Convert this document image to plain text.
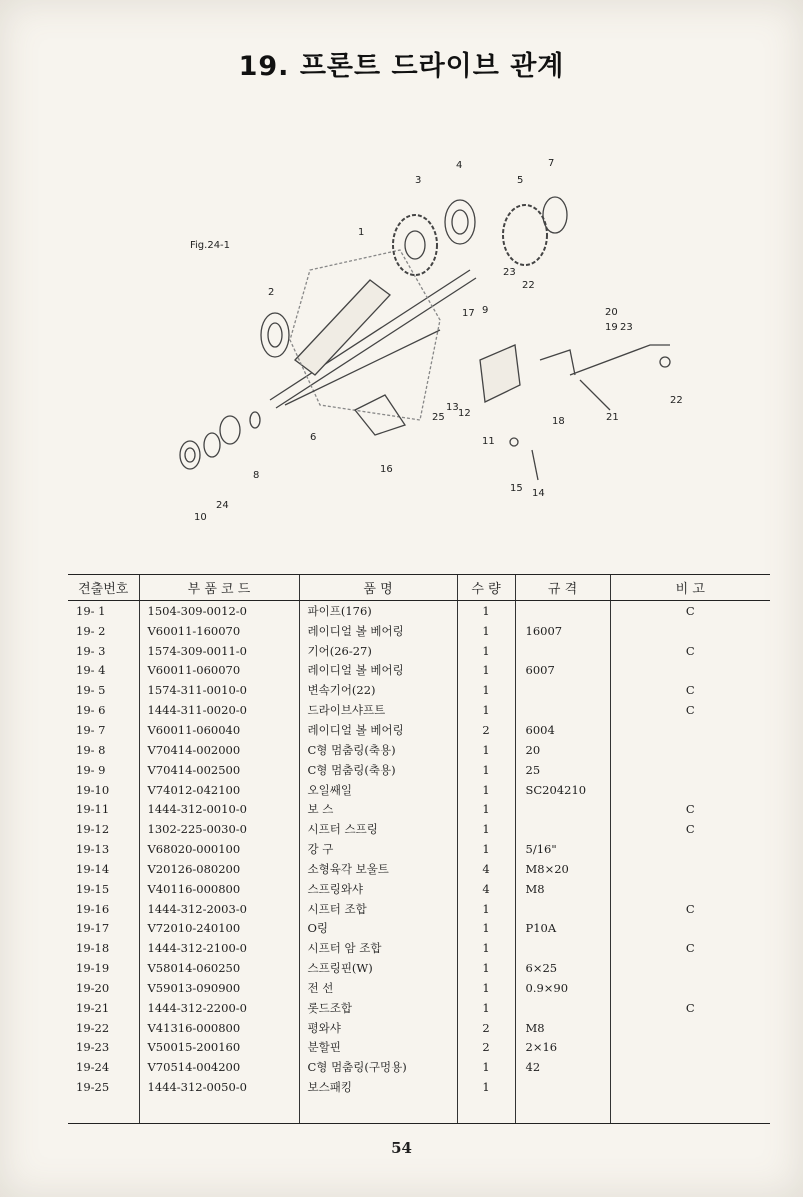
19. 프론트 드라이브 관계
Fig.24-1
1
2
3
4
5
6
7
8
9
10
11
12
13
14
15
16
17
18
19
20
21
22
22
23
23
24
25
견출번호	부 품 코 드	품 명	수 량	규 격	비 고
19- 1	1504-309-0012-0	파이프(176)	1		C
19- 2	V60011-160070	레이디얼 볼 베어링	1	16007	
19- 3	1574-309-0011-0	기어(26-27)	1		C
19- 4	V60011-060070	레이디얼 볼 베어링	1	6007	
19- 5	1574-311-0010-0	변속기어(22)	1		C
19- 6	1444-311-0020-0	드라이브샤프트	1		C
19- 7	V60011-060040	레이디얼 볼 베어링	2	6004	
19- 8	V70414-002000	C형 멈춤링(축용)	1	20	
19- 9	V70414-002500	C형 멈춤링(축용)	1	25	
19-10	V74012-042100	오일쌔일	1	SC204210	
19-11	1444-312-0010-0	보 스	1		C
19-12	1302-225-0030-0	시프터 스프링	1		C
19-13	V68020-000100	강 구	1	5/16"	
19-14	V20126-080200	소형육각 보울트	4	M8×20	
19-15	V40116-000800	스프링와샤	4	M8	
19-16	1444-312-2003-0	시프터 조합	1		C
19-17	V72010-240100	O링	1	P10A	
19-18	1444-312-2100-0	시프터 암 조합	1		C
19-19	V58014-060250	스프링핀(W)	1	6×25	
19-20	V59013-090900	전 선	1	0.9×90	
19-21	1444-312-2200-0	롯드조합	1		C
19-22	V41316-000800	평와샤	2	M8	
19-23	V50015-200160	분할핀	2	2×16	
19-24	V70514-004200	C형 멈춤링(구멍용)	1	42	
19-25	1444-312-0050-0	보스패킹	1		

54
